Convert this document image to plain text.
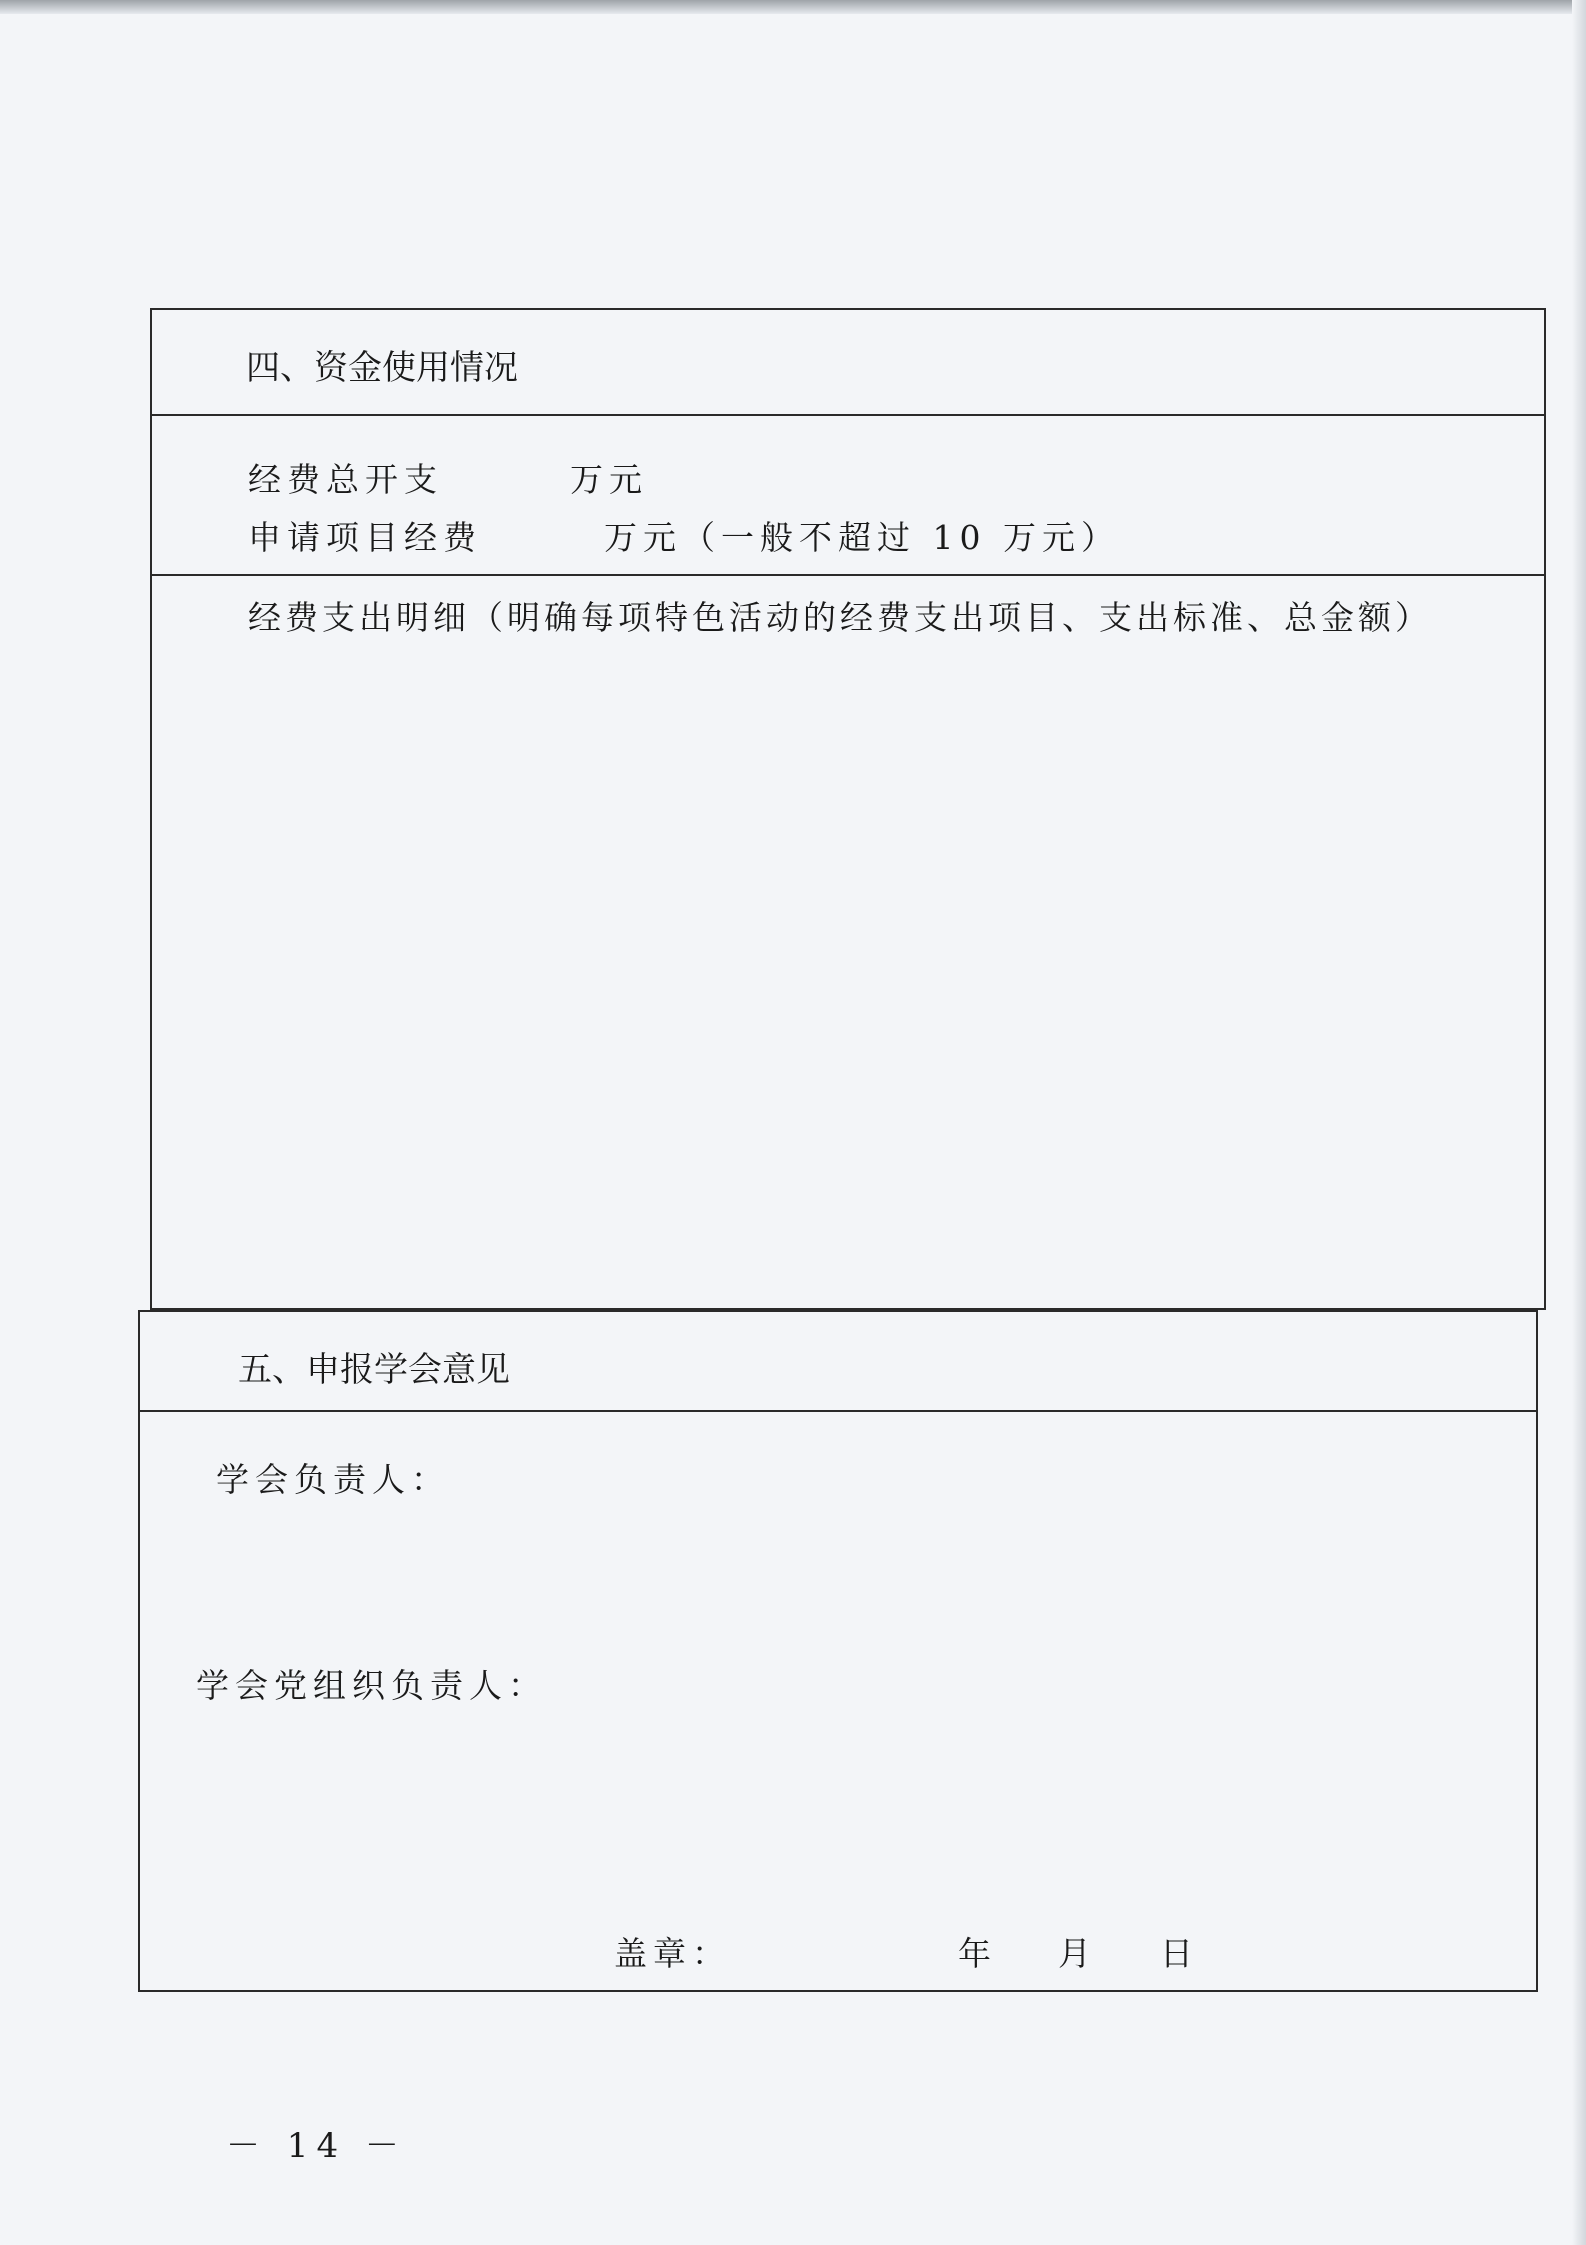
四、资金使用情况
经费总开支	万元
申请项目经费	万元（一般不超过 10 万元）
经费支出明细（明确每项特色活动的经费支出项目、支出标准、总金额）
五、申报学会意见
学会负责人：
学会党组织负责人：
盖章：	年 月 日
－ 14 －
